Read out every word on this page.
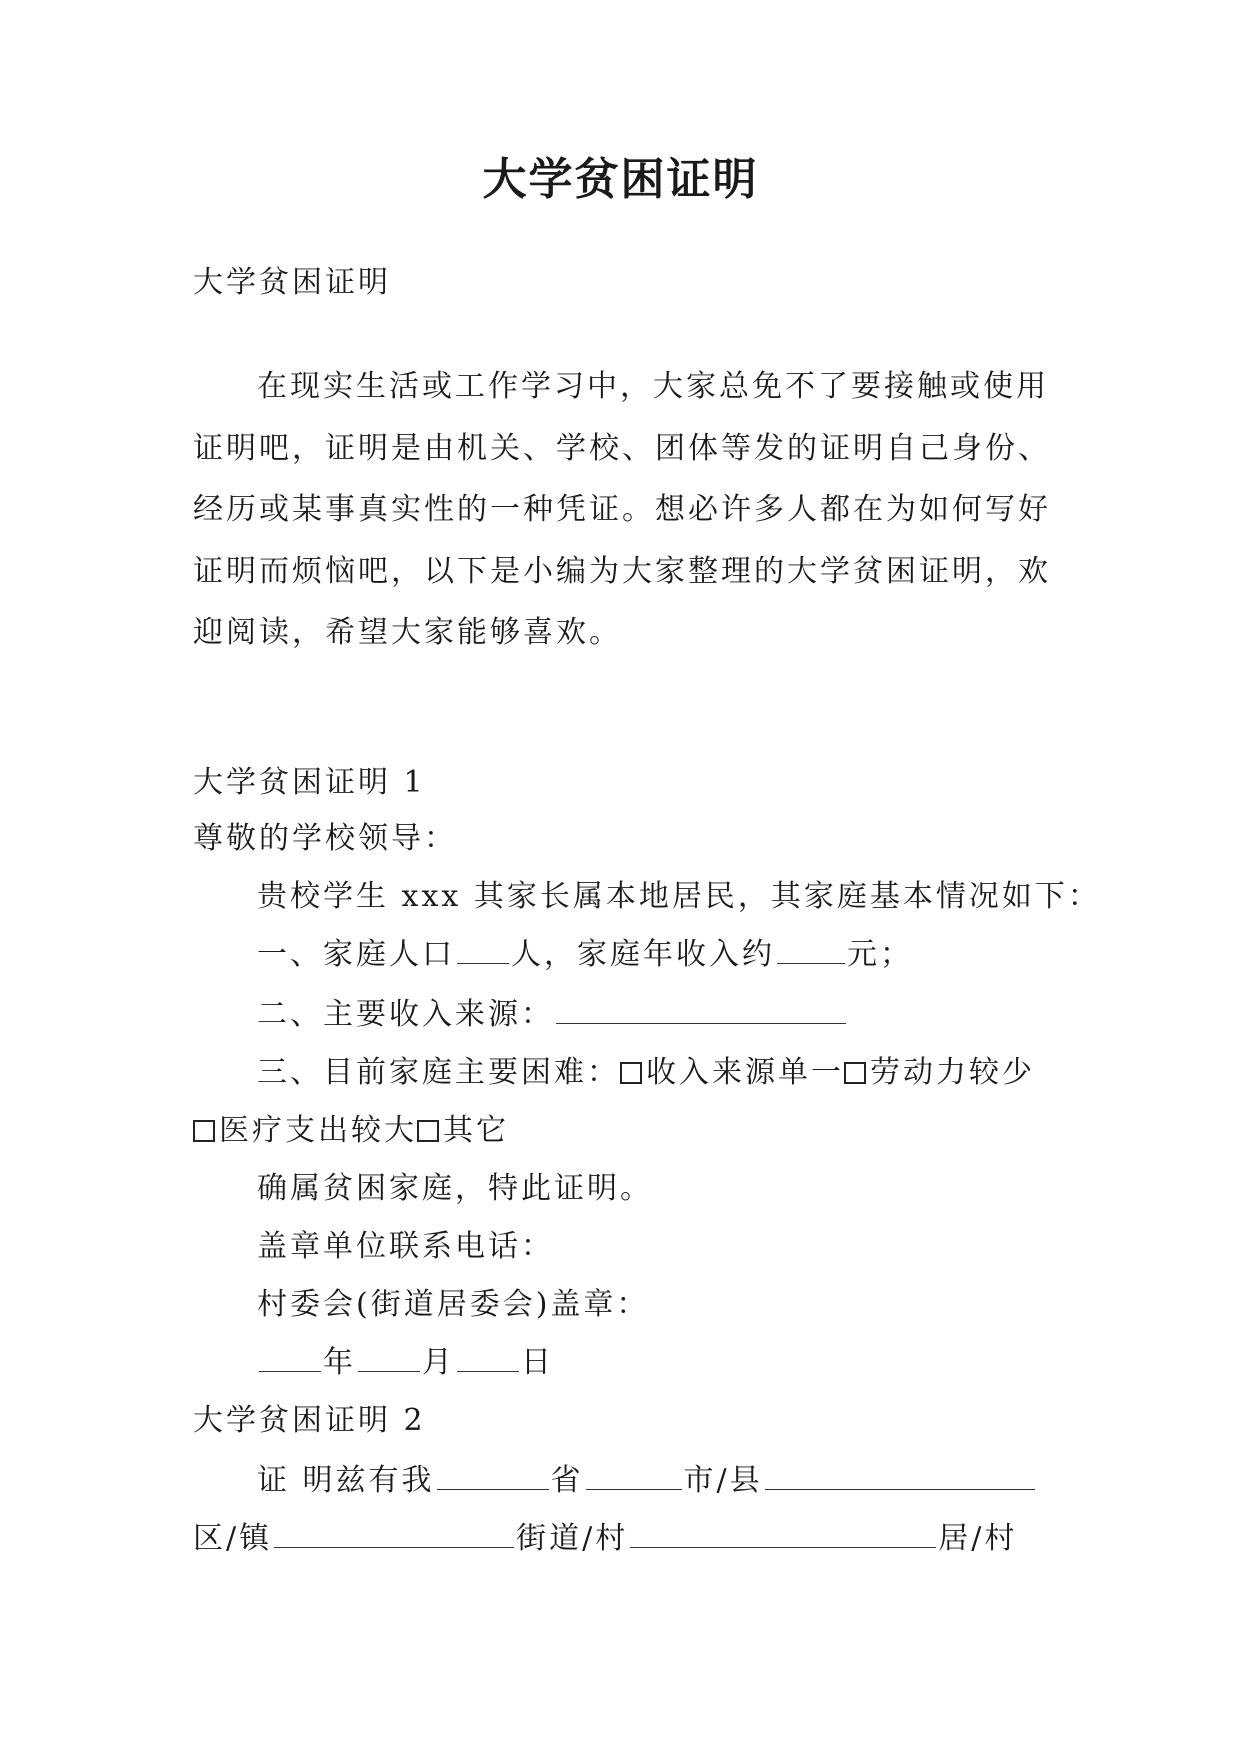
大学贫困证明
大学贫困证明
在现实生活或工作学习中，大家总免不了要接触或使用
证明吧，证明是由机关、学校、团体等发的证明自己身份、
经历或某事真实性的一种凭证。想必许多人都在为如何写好
证明而烦恼吧，以下是小编为大家整理的大学贫困证明，欢
迎阅读，希望大家能够喜欢。
大学贫困证明 1
尊敬的学校领导：
贵校学生 xxx 其家长属本地居民，其家庭基本情况如下：
一、家庭人口 人，家庭年收入约 元；
二、主要收入来源：
三、目前家庭主要困难： 收入来源单一 劳动力较少
医疗支出较大 其它
确属贫困家庭，特此证明。
盖章单位联系电话：
村委会(街道居委会)盖章：
年 月 日
大学贫困证明 2
证 明兹有我	省	市/县
区/镇	街道/村	居/村
